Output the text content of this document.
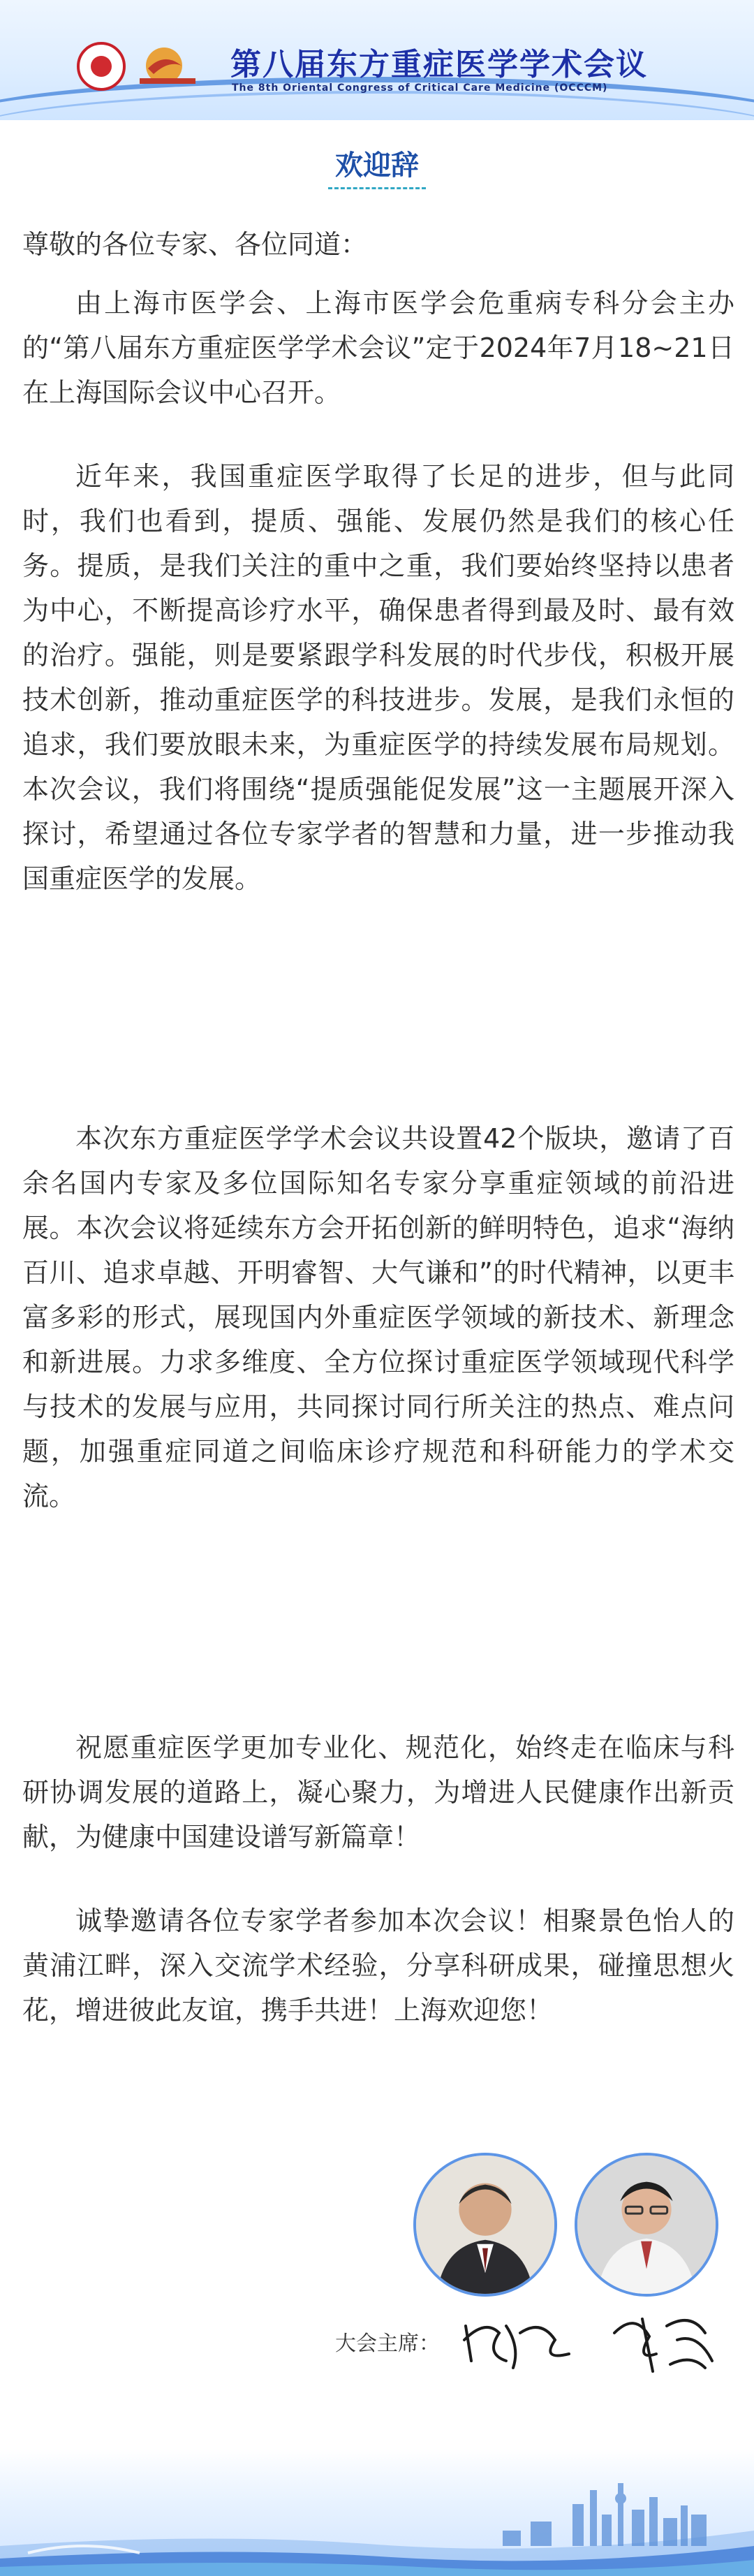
第八届东方重症医学学术会议
The 8th Oriental Congress of Critical Care Medicine (OCCCM)
欢迎辞

尊敬的各位专家、各位同道：

由上海市医学会、上海市医学会危重病专科分会主办的“第八届东方重症医学学术会议”定于2024年7月18~21日在上海国际会议中心召开。

近年来，我国重症医学取得了长足的进步，但与此同时，我们也看到，提质、强能、发展仍然是我们的核心任务。提质，是我们关注的重中之重，我们要始终坚持以患者为中心，不断提高诊疗水平，确保患者得到最及时、最有效的治疗。强能，则是要紧跟学科发展的时代步伐，积极开展技术创新，推动重症医学的科技进步。发展，是我们永恒的追求，我们要放眼未来，为重症医学的持续发展布局规划。本次会议，我们将围绕“提质强能促发展”这一主题展开深入探讨，希望通过各位专家学者的智慧和力量，进一步推动我国重症医学的发展。

本次东方重症医学学术会议共设置42个版块，邀请了百余名国内专家及多位国际知名专家分享重症领域的前沿进展。本次会议将延续东方会开拓创新的鲜明特色，追求“海纳百川、追求卓越、开明睿智、大气谦和”的时代精神，以更丰富多彩的形式，展现国内外重症医学领域的新技术、新理念和新进展。力求多维度、全方位探讨重症医学领域现代科学与技术的发展与应用，共同探讨同行所关注的热点、难点问题，加强重症同道之间临床诊疗规范和科研能力的学术交流。

祝愿重症医学更加专业化、规范化，始终走在临床与科研协调发展的道路上，凝心聚力，为增进人民健康作出新贡献，为健康中国建设谱写新篇章！

诚挚邀请各位专家学者参加本次会议！相聚景色怡人的黄浦江畔，深入交流学术经验，分享科研成果，碰撞思想火花，增进彼此友谊，携手共进！上海欢迎您！

大会主席：
